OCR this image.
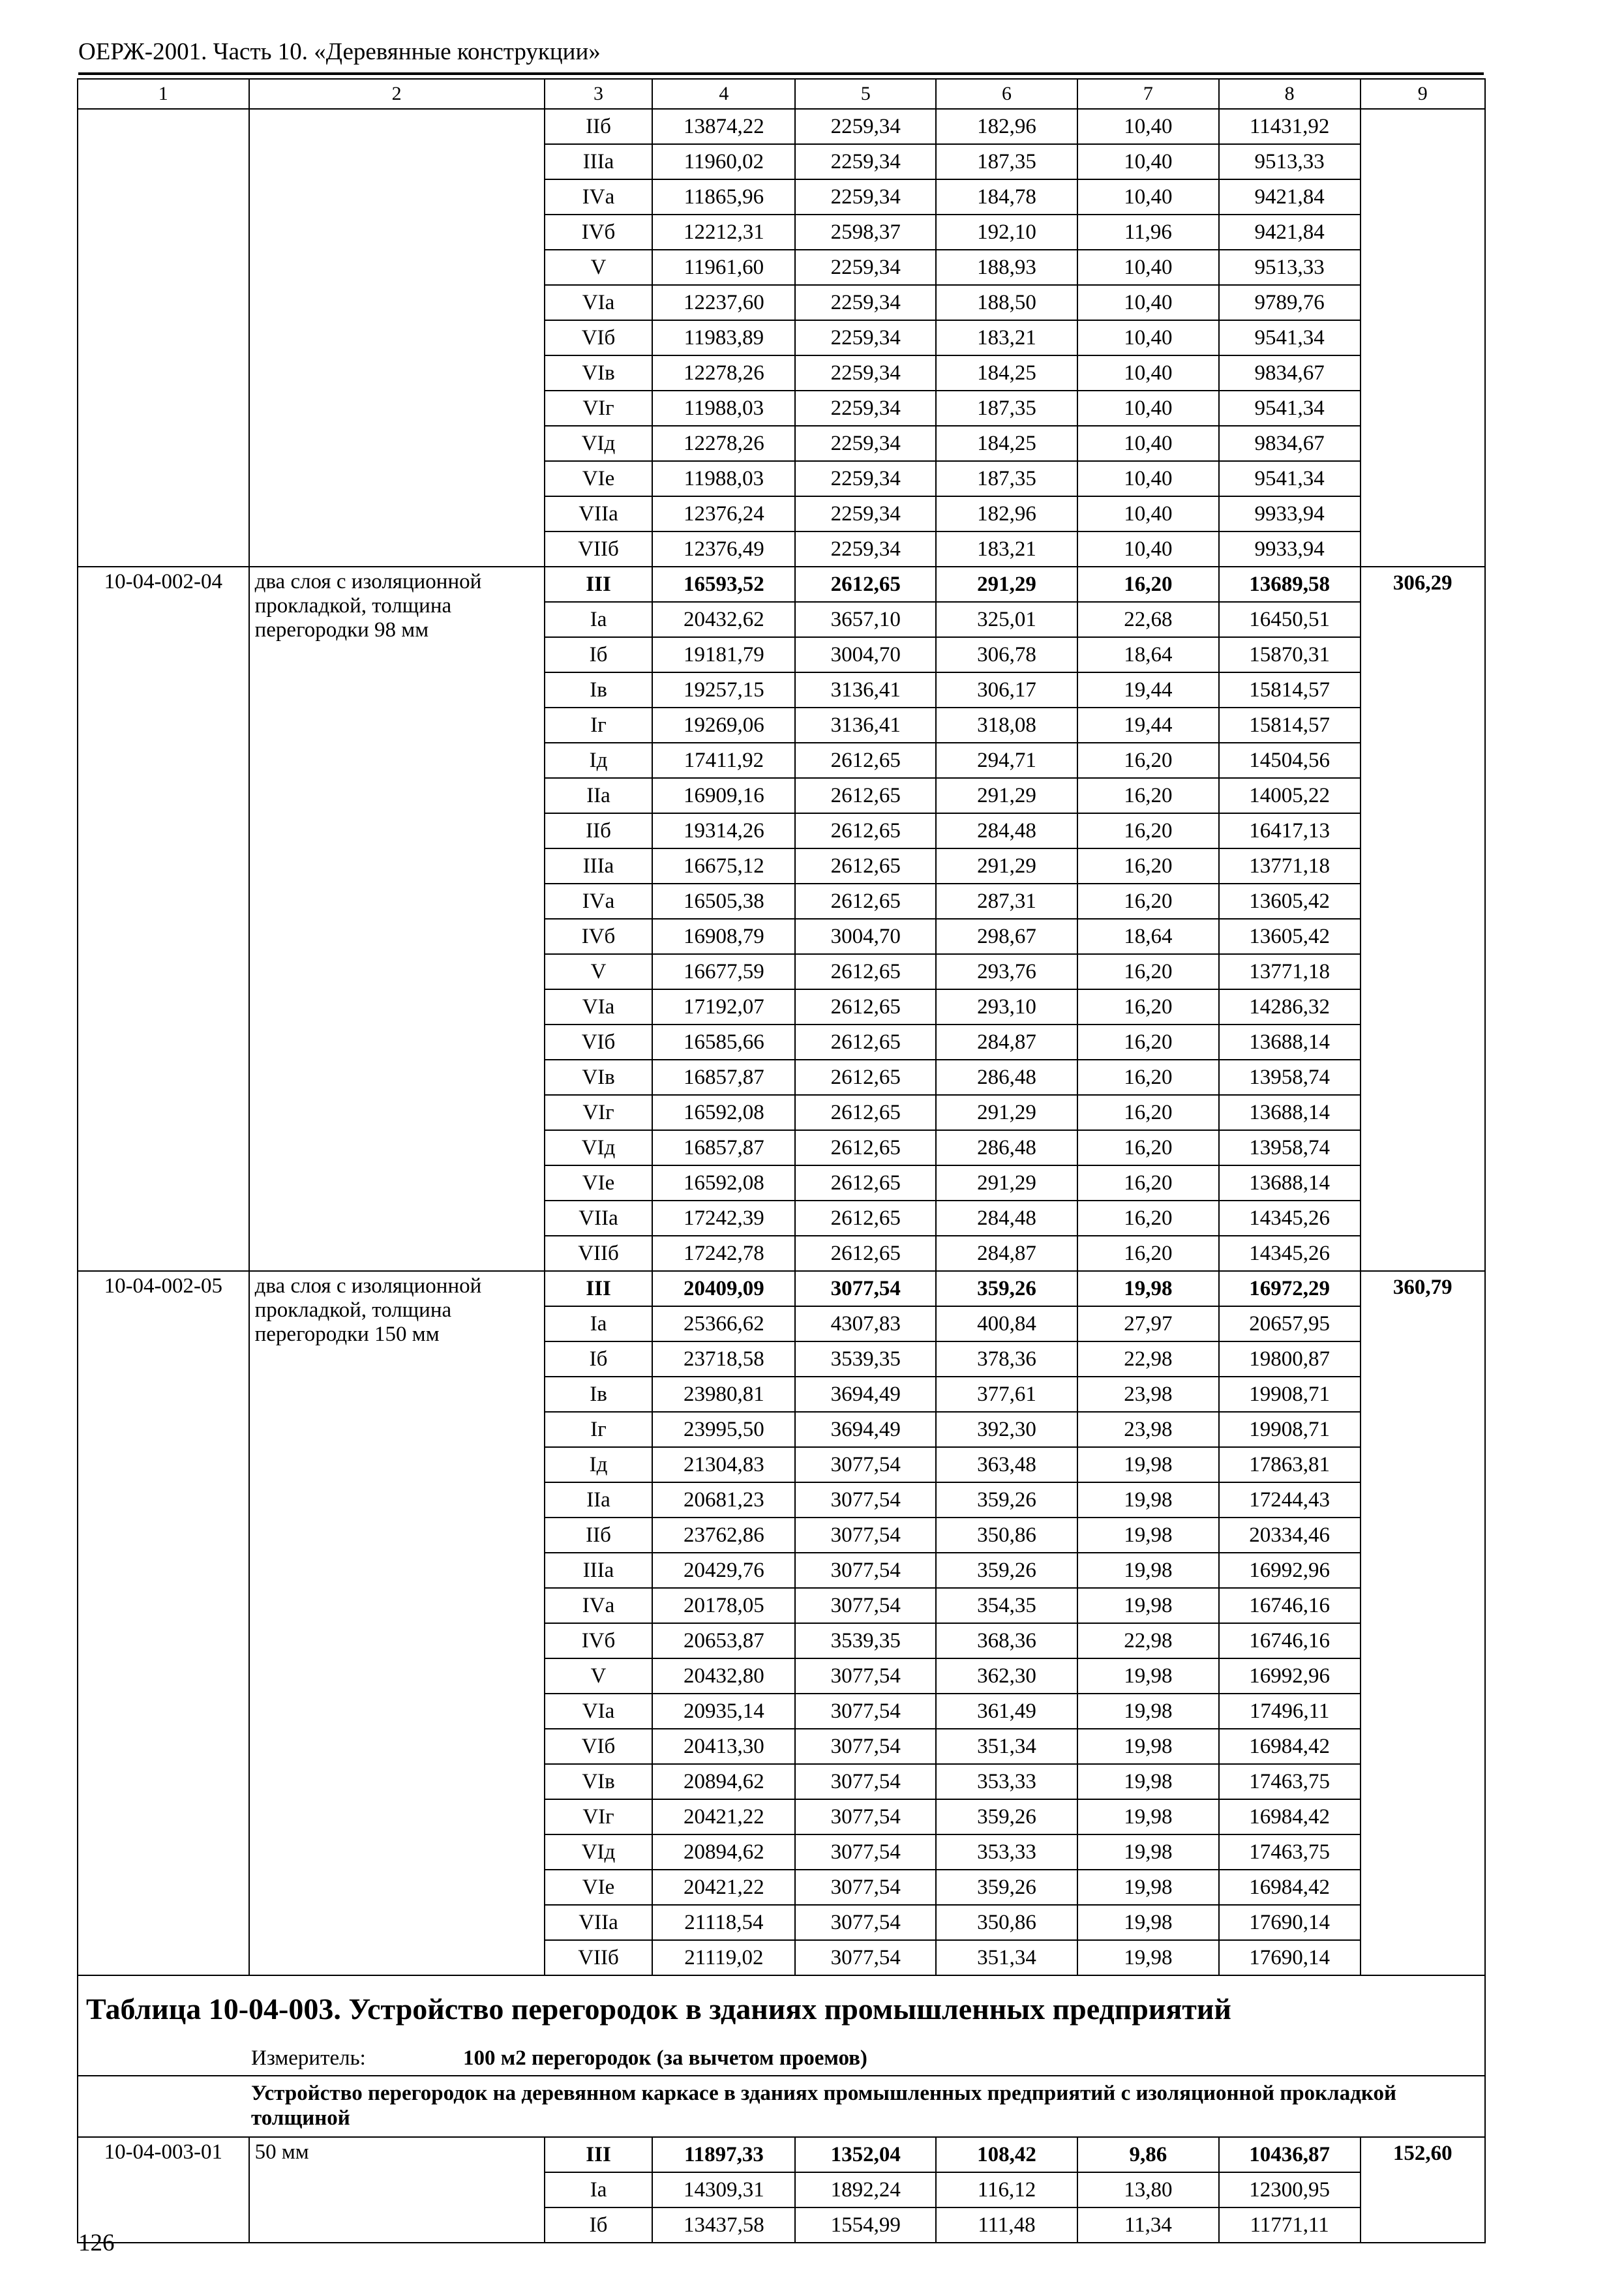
ОЕРЖ-2001. Часть 10. «Деревянные конструкции»
1	2	3	4	5	6	7	8	9
		IIб	13874,22	2259,34	182,96	10,40	11431,92	
		IIIа	11960,02	2259,34	187,35	10,40	9513,33	
		IVа	11865,96	2259,34	184,78	10,40	9421,84	
		IVб	12212,31	2598,37	192,10	11,96	9421,84	
		V	11961,60	2259,34	188,93	10,40	9513,33	
		VIа	12237,60	2259,34	188,50	10,40	9789,76	
		VIб	11983,89	2259,34	183,21	10,40	9541,34	
		VIв	12278,26	2259,34	184,25	10,40	9834,67	
		VIг	11988,03	2259,34	187,35	10,40	9541,34	
		VIд	12278,26	2259,34	184,25	10,40	9834,67	
		VIе	11988,03	2259,34	187,35	10,40	9541,34	
		VIIа	12376,24	2259,34	182,96	10,40	9933,94	
		VIIб	12376,49	2259,34	183,21	10,40	9933,94	
10-04-002-04	два слоя с изоляционной прокладкой, толщина перегородки 98 мм	III	16593,52	2612,65	291,29	16,20	13689,58	306,29
		Iа	20432,62	3657,10	325,01	22,68	16450,51	
		Iб	19181,79	3004,70	306,78	18,64	15870,31	
		Iв	19257,15	3136,41	306,17	19,44	15814,57	
		Iг	19269,06	3136,41	318,08	19,44	15814,57	
		Iд	17411,92	2612,65	294,71	16,20	14504,56	
		IIа	16909,16	2612,65	291,29	16,20	14005,22	
		IIб	19314,26	2612,65	284,48	16,20	16417,13	
		IIIа	16675,12	2612,65	291,29	16,20	13771,18	
		IVа	16505,38	2612,65	287,31	16,20	13605,42	
		IVб	16908,79	3004,70	298,67	18,64	13605,42	
		V	16677,59	2612,65	293,76	16,20	13771,18	
		VIа	17192,07	2612,65	293,10	16,20	14286,32	
		VIб	16585,66	2612,65	284,87	16,20	13688,14	
		VIв	16857,87	2612,65	286,48	16,20	13958,74	
		VIг	16592,08	2612,65	291,29	16,20	13688,14	
		VIд	16857,87	2612,65	286,48	16,20	13958,74	
		VIе	16592,08	2612,65	291,29	16,20	13688,14	
		VIIа	17242,39	2612,65	284,48	16,20	14345,26	
		VIIб	17242,78	2612,65	284,87	16,20	14345,26	
10-04-002-05	два слоя с изоляционной прокладкой, толщина перегородки 150 мм	III	20409,09	3077,54	359,26	19,98	16972,29	360,79
		Iа	25366,62	4307,83	400,84	27,97	20657,95	
		Iб	23718,58	3539,35	378,36	22,98	19800,87	
		Iв	23980,81	3694,49	377,61	23,98	19908,71	
		Iг	23995,50	3694,49	392,30	23,98	19908,71	
		Iд	21304,83	3077,54	363,48	19,98	17863,81	
		IIа	20681,23	3077,54	359,26	19,98	17244,43	
		IIб	23762,86	3077,54	350,86	19,98	20334,46	
		IIIа	20429,76	3077,54	359,26	19,98	16992,96	
		IVа	20178,05	3077,54	354,35	19,98	16746,16	
		IVб	20653,87	3539,35	368,36	22,98	16746,16	
		V	20432,80	3077,54	362,30	19,98	16992,96	
		VIа	20935,14	3077,54	361,49	19,98	17496,11	
		VIб	20413,30	3077,54	351,34	19,98	16984,42	
		VIв	20894,62	3077,54	353,33	19,98	17463,75	
		VIг	20421,22	3077,54	359,26	19,98	16984,42	
		VIд	20894,62	3077,54	353,33	19,98	17463,75	
		VIе	20421,22	3077,54	359,26	19,98	16984,42	
		VIIа	21118,54	3077,54	350,86	19,98	17690,14	
		VIIб	21119,02	3077,54	351,34	19,98	17690,14	
Таблица 10-04-003. Устройство перегородок в зданиях промышленных предприятий								
Измеритель: 100 м2 перегородок (за вычетом проемов)								
Устройство перегородок на деревянном каркасе в зданиях промышленных предприятий с изоляционной прокладкой толщиной								
10-04-003-01	50 мм	III	11897,33	1352,04	108,42	9,86	10436,87	152,60
		Iа	14309,31	1892,24	116,12	13,80	12300,95	
		Iб	13437,58	1554,99	111,48	11,34	11771,11	
126
